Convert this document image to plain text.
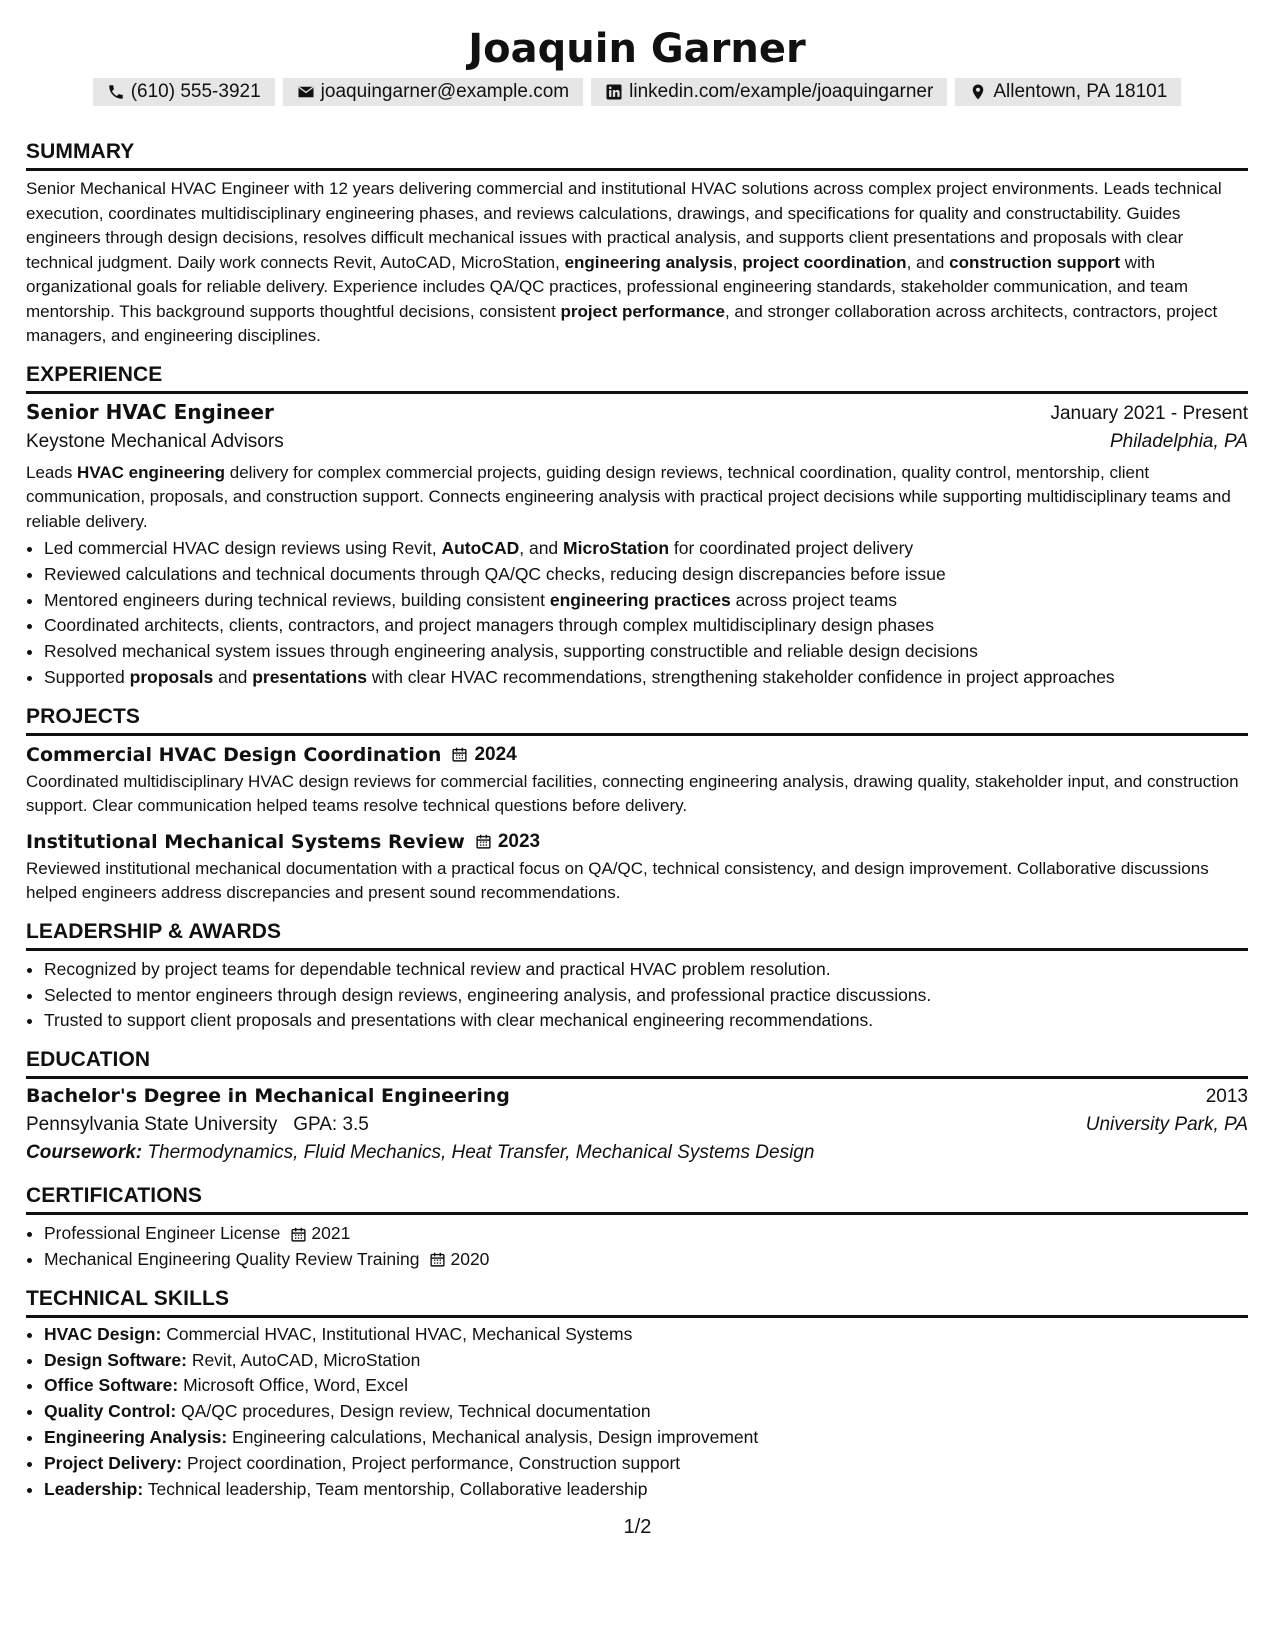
Joaquin Garner
(610) 555-3921	joaquingarner@example.com	linkedin.com/example/joaquingarner	Allentown, PA 18101
SUMMARY
Senior Mechanical HVAC Engineer with 12 years delivering commercial and institutional HVAC solutions across complex project environments. Leads technical execution, coordinates multidisciplinary engineering phases, and reviews calculations, drawings, and specifications for quality and constructability. Guides engineers through design decisions, resolves difficult mechanical issues with practical analysis, and supports client presentations and proposals with clear technical judgment. Daily work connects Revit, AutoCAD, MicroStation, engineering analysis, project coordination, and construction support with organizational goals for reliable delivery. Experience includes QA/QC practices, professional engineering standards, stakeholder communication, and team mentorship. This background supports thoughtful decisions, consistent project performance, and stronger collaboration across architects, contractors, project managers, and engineering disciplines.
EXPERIENCE
Senior HVAC Engineer	January 2021 - Present
Keystone Mechanical Advisors	Philadelphia, PA
Leads HVAC engineering delivery for complex commercial projects, guiding design reviews, technical coordination, quality control, mentorship, client communication, proposals, and construction support. Connects engineering analysis with practical project decisions while supporting multidisciplinary teams and reliable delivery.
• Led commercial HVAC design reviews using Revit, AutoCAD, and MicroStation for coordinated project delivery
• Reviewed calculations and technical documents through QA/QC checks, reducing design discrepancies before issue
• Mentored engineers during technical reviews, building consistent engineering practices across project teams
• Coordinated architects, clients, contractors, and project managers through complex multidisciplinary design phases
• Resolved mechanical system issues through engineering analysis, supporting constructible and reliable design decisions
• Supported proposals and presentations with clear HVAC recommendations, strengthening stakeholder confidence in project approaches
PROJECTS
Commercial HVAC Design Coordination 2024
Coordinated multidisciplinary HVAC design reviews for commercial facilities, connecting engineering analysis, drawing quality, stakeholder input, and construction support. Clear communication helped teams resolve technical questions before delivery.
Institutional Mechanical Systems Review 2023
Reviewed institutional mechanical documentation with a practical focus on QA/QC, technical consistency, and design improvement. Collaborative discussions helped engineers address discrepancies and present sound recommendations.
LEADERSHIP & AWARDS
• Recognized by project teams for dependable technical review and practical HVAC problem resolution.
• Selected to mentor engineers through design reviews, engineering analysis, and professional practice discussions.
• Trusted to support client proposals and presentations with clear mechanical engineering recommendations.
EDUCATION
Bachelor's Degree in Mechanical Engineering	2013
Pennsylvania State University GPA: 3.5	University Park, PA
Coursework: Thermodynamics, Fluid Mechanics, Heat Transfer, Mechanical Systems Design
CERTIFICATIONS
• Professional Engineer License 2021
• Mechanical Engineering Quality Review Training 2020
TECHNICAL SKILLS
• HVAC Design: Commercial HVAC, Institutional HVAC, Mechanical Systems
• Design Software: Revit, AutoCAD, MicroStation
• Office Software: Microsoft Office, Word, Excel
• Quality Control: QA/QC procedures, Design review, Technical documentation
• Engineering Analysis: Engineering calculations, Mechanical analysis, Design improvement
• Project Delivery: Project coordination, Project performance, Construction support
• Leadership: Technical leadership, Team mentorship, Collaborative leadership
1/2
